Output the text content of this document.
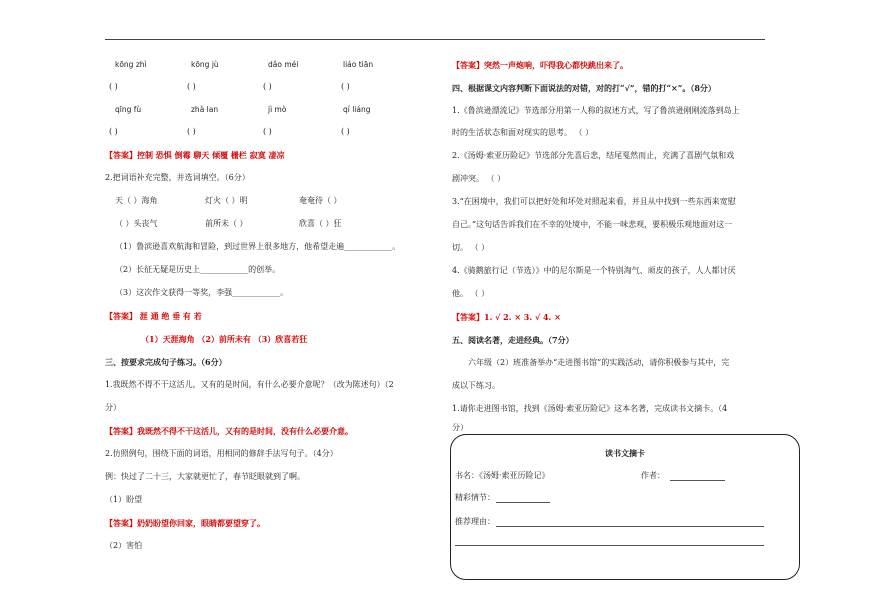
kōng zhì	kōng jù	dǎo méi	liáo tiān
( )	( )	( )	( )
qīng fù	zhà lan	jì mò	qí liáng
( )	( )	( )	( )
【答案】控制 恐惧 倒霉 聊天 倾覆 栅栏 寂寞 凄凉
2.把词语补充完整，并选词填空。（6分）
天（ ）海角	灯火（ ）明	奄奄待（ ）
（ ）头丧气	前所未（ ）	欣喜（ ）狂
（1）鲁滨逊喜欢航海和冒险，到过世界上很多地方，他希望走遍____________。
（2）长征无疑是历史上____________的创举。
（3）这次作文获得一等奖，李强____________。
【答案】 涯 通 绝 垂 有 若
（1）天涯海角 （2）前所未有 （3）欣喜若狂
三、按要求完成句子练习。（6分）
1.我既然不得不干这活儿，又有的是时间，有什么必要介意呢？（改为陈述句）（2
分）
【答案】我既然不得不干这活儿，又有的是时间，没有什么必要介意。
2.仿照例句，围绕下面的词语，用相同的修辞手法写句子。（4分）
例：快过了二十三，大家就更忙了，春节眨眼就到了啊。
（1）盼望
【答案】奶奶盼望你回家，眼睛都要望穿了。
（2）害怕
【答案】突然一声炮响，吓得我心都快跳出来了。
四、根据课文内容判断下面说法的对错，对的打“√”，错的打“×”。（8分）
1.《鲁滨逊漂流记》节选部分用第一人称的叙述方式，写了鲁滨逊刚刚流落到岛上
时的生活状态和面对现实的思考。 （ ）
2.《汤姆·索亚历险记》节选部分先喜后悲，结尾戛然而止，充满了喜剧气氛和戏
剧冲突。 （ ）
3.“在困境中，我们可以把好处和坏处对照起来看，并且从中找到一些东西来宽慰
自己。”这句话告诉我们在不幸的处境中，不能一味悲观，要积极乐观地面对这一
切。 （ ）
4.《骑鹅旅行记（节选）》中的尼尔斯是一个特别淘气、顽皮的孩子，人人都讨厌
他。 （ ）
【答案】1. √ 2. × 3. √ 4. ×
五、阅读名著，走进经典。（7分）
六年级（2）班准备举办“走进图书馆”的实践活动，请你积极参与其中，完
成以下练习。
1.请你走进图书馆，找到《汤姆·索亚历险记》这本名著，完成读书文摘卡。（4
分）
读书文摘卡
书名：《汤姆·索亚历险记》	作者：
精彩情节：
推荐理由：
